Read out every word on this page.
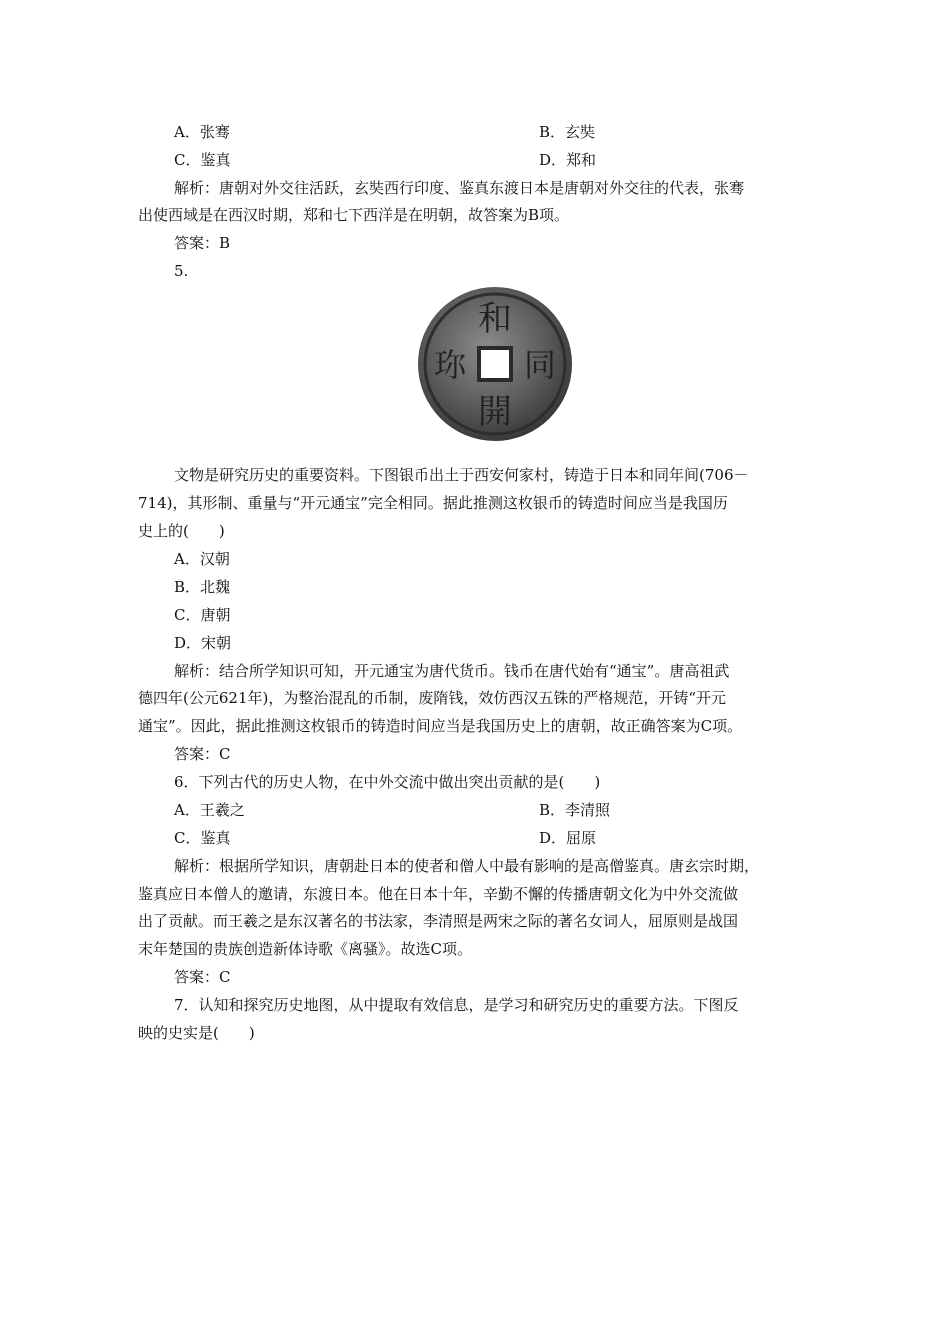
A．张骞	B．玄奘
C．鉴真	D．郑和
解析：唐朝对外交往活跃，玄奘西行印度、鉴真东渡日本是唐朝对外交往的代表，张骞
出使西域是在西汉时期，郑和七下西洋是在明朝，故答案为B项。
答案：B
5.
和
同
開
珎
文物是研究历史的重要资料。下图银币出土于西安何家村，铸造于日本和同年间(706－
714)，其形制、重量与“开元通宝”完全相同。据此推测这枚银币的铸造时间应当是我国历
史上的(　　)
A．汉朝
B．北魏
C．唐朝
D．宋朝
解析：结合所学知识可知，开元通宝为唐代货币。钱币在唐代始有“通宝”。唐高祖武
德四年(公元621年)，为整治混乱的币制，废隋钱，效仿西汉五铢的严格规范，开铸“开元
通宝”。因此，据此推测这枚银币的铸造时间应当是我国历史上的唐朝，故正确答案为C项。
答案：C
6．下列古代的历史人物，在中外交流中做出突出贡献的是(　　)
A．王羲之	B．李清照
C．鉴真	D．屈原
解析：根据所学知识，唐朝赴日本的使者和僧人中最有影响的是高僧鉴真。唐玄宗时期，
鉴真应日本僧人的邀请，东渡日本。他在日本十年，辛勤不懈的传播唐朝文化为中外交流做
出了贡献。而王羲之是东汉著名的书法家，李清照是两宋之际的著名女词人，屈原则是战国
末年楚国的贵族创造新体诗歌《离骚》。故选C项。
答案：C
7．认知和探究历史地图，从中提取有效信息，是学习和研究历史的重要方法。下图反
映的史实是(　　)
